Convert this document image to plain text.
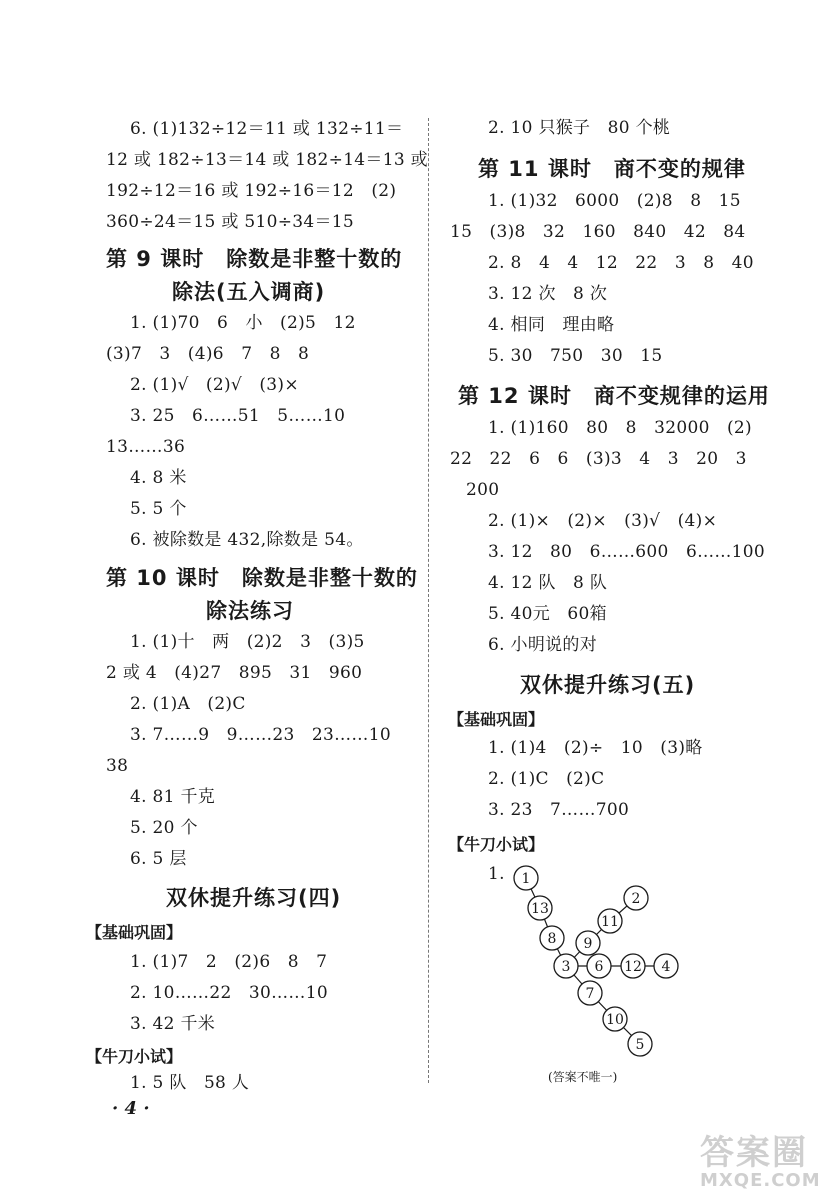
6. (1)132÷12＝11 或 132÷11＝
12 或 182÷13＝14 或 182÷14＝13 或
192÷12＝16 或 192÷16＝12　(2)
360÷24＝15 或 510÷34＝15
第 9 课时　除数是非整十数的
除法(五入调商)
1. (1)70　6　小　(2)5　12
(3)7　3　(4)6　7　8　8
2. (1)√　(2)√　(3)×
3. 25　6……51　5……10
13……36
4. 8 米
5. 5 个
6. 被除数是 432,除数是 54。
第 10 课时　除数是非整十数的
除法练习
1. (1)十　两　(2)2　3　(3)5
2 或 4　(4)27　895　31　960
2. (1)A　(2)C
3. 7……9　9……23　23……10
38
4. 81 千克
5. 20 个
6. 5 层
双休提升练习(四)
【基础巩固】
1. (1)7　2　(2)6　8　7
2. 10……22　30……10
3. 42 千米
【牛刀小试】
1. 5 队　58 人
· 4 ·
2. 10 只猴子　80 个桃
第 11 课时　商不变的规律
1. (1)32　6000　(2)8　8　15
15　(3)8　32　160　840　42　84
2. 8　4　4　12　22　3　8　40
3. 12 次　8 次
4. 相同　理由略
5. 30　750　30　15
第 12 课时　商不变规律的运用
1. (1)160　80　8　32000　(2)
22　22　6　6　(3)3　4　3　20　3
200
2. (1)×　(2)×　(3)√　(4)×
3. 12　80　6……600　6……100
4. 12 队　8 队
5. 40元　60箱
6. 小明说的对
双休提升练习(五)
【基础巩固】
1. (1)4　(2)÷　10　(3)略
2. (1)C　(2)C
3. 23　7……700
【牛刀小试】
1. 1
13
8 9
11
2
3 6 12 4
7
10
5
(答案不唯一)
答案圈
MXQE.COM
